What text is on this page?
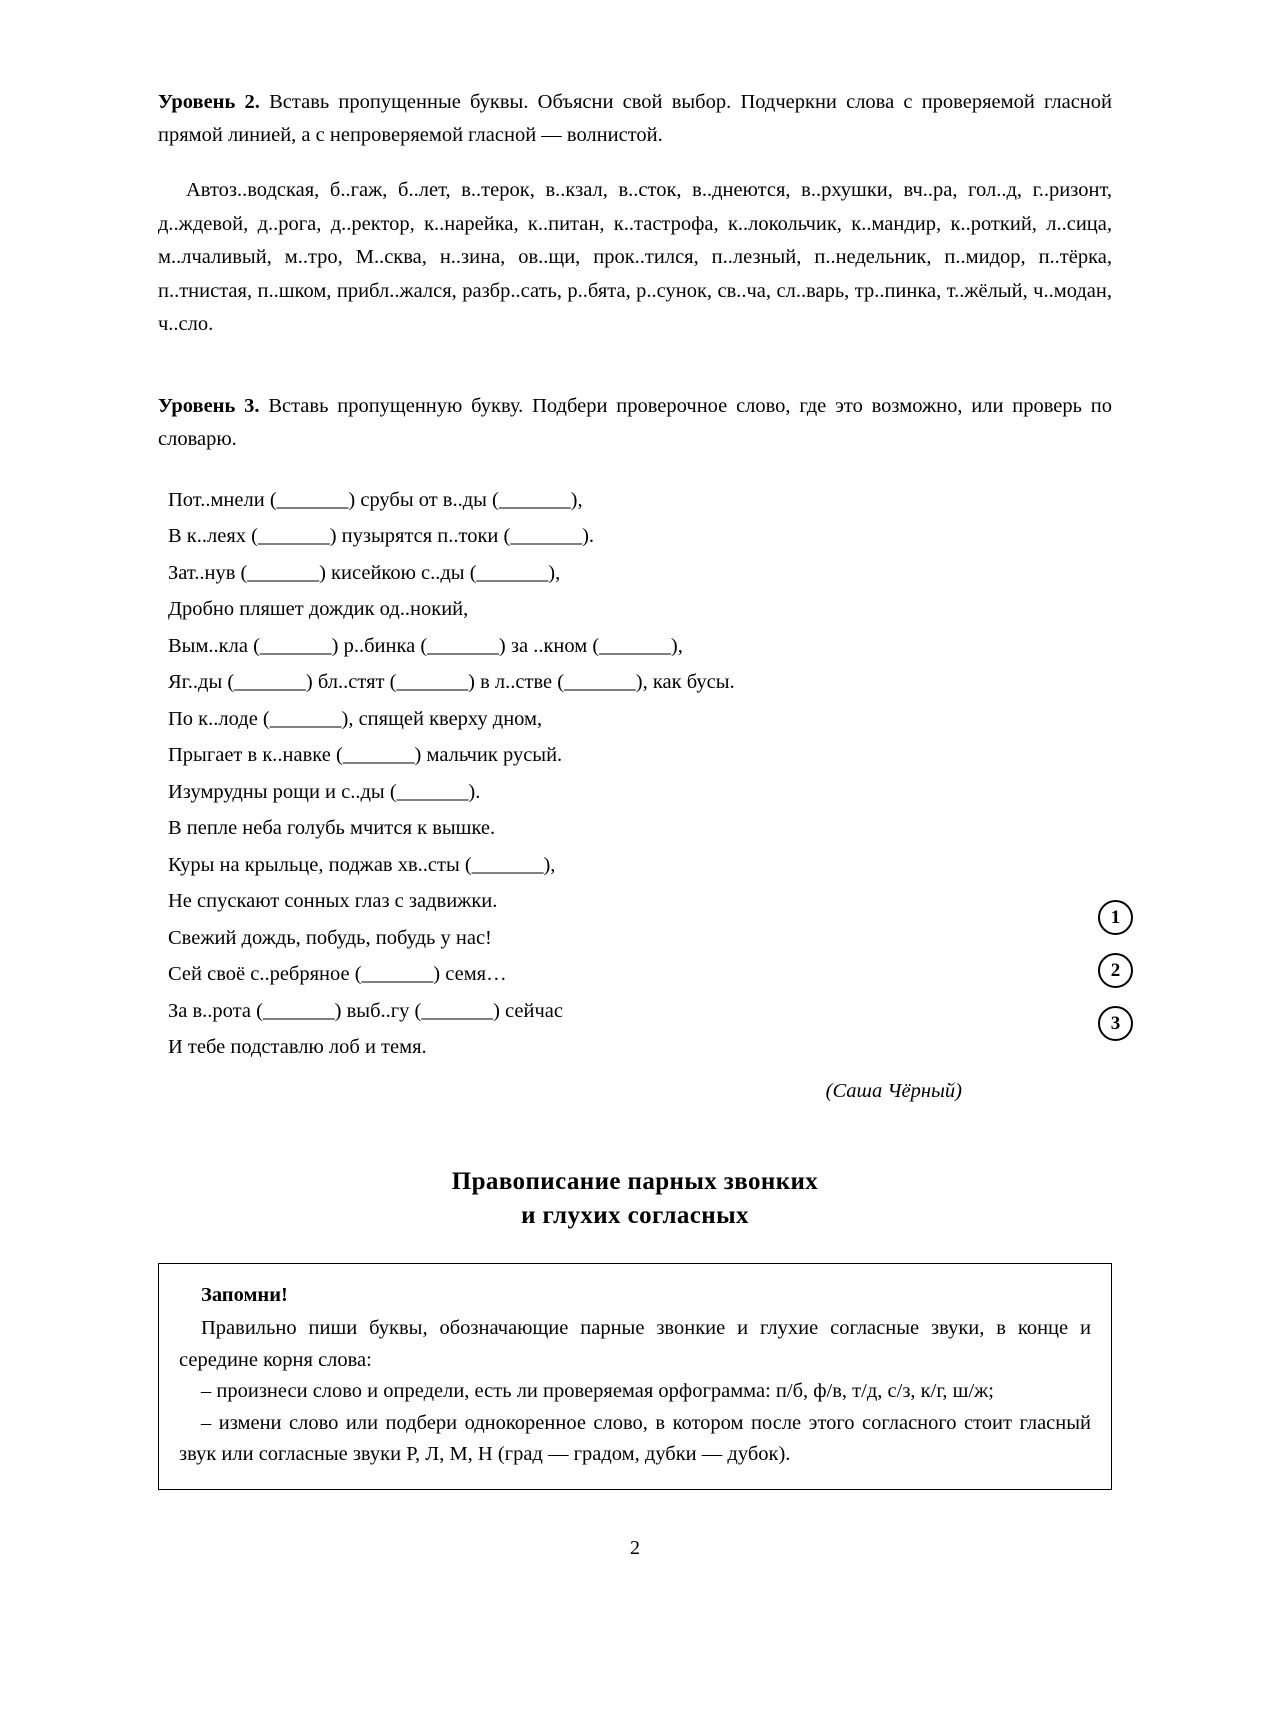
Уровень 2. Вставь пропущенные буквы. Объясни свой выбор. Подчеркни слова с проверяемой гласной прямой линией, а с непроверяемой гласной — волнистой.

Автоз..водская, б..гаж, б..лет, в..терок, в..кзал, в..сток, в..днеются, в..рхушки, вч..ра, гол..д, г..ризонт, д..ждевой, д..рога, д..ректор, к..нарейка, к..питан, к..тастрофа, к..локольчик, к..мандир, к..роткий, л..сица, м..лчаливый, м..тро, М..сква, н..зина, ов..щи, прок..тился, п..лезный, п..недельник, п..мидор, п..тёрка, п..тнистая, п..шком, прибл..жался, разбр..сать, р..бята, р..сунок, св..ча, сл..варь, тр..пинка, т..жёлый, ч..модан, ч..сло.

Уровень 3. Вставь пропущенную букву. Подбери проверочное слово, где это возможно, или проверь по словарю.

Пот..мнели (_______) срубы от в..ды (_______),
В к..леях (_______) пузырятся п..токи (_______).
Зат..нув (_______) кисейкою с..ды (_______),
Дробно пляшет дождик од..нокий,
Вым..кла (_______) р..бинка (_______) за ..кном (_______),
Яг..ды (_______) бл..стят (_______) в л..стве (_______), как бусы.
По к..лоде (_______), спящей кверху дном,
Прыгает в к..навке (_______) мальчик русый.
Изумрудны рощи и с..ды (_______).
В пепле неба голубь мчится к вышке.
Куры на крыльце, поджав хв..сты (_______),
Не спускают сонных глаз с задвижки.
Свежий дождь, побудь, побудь у нас!
Сей своё с..ребряное (_______) семя…
За в..рота (_______) выб..гу (_______) сейчас
И тебе подставлю лоб и темя.
(Саша Чёрный)
Правописание парных звонких
и глухих согласных
Запомни!

Правильно пиши буквы, обозначающие парные звонкие и глухие согласные звуки, в конце и середине корня слова:

– произнеси слово и определи, есть ли проверяемая орфограмма: п/б, ф/в, т/д, с/з, к/г, ш/ж;

– измени слово или подбери однокоренное слово, в котором после этого согласного стоит гласный звук или согласные звуки Р, Л, М, Н (град — градом, дубки — дубок).

1
2
3
2
